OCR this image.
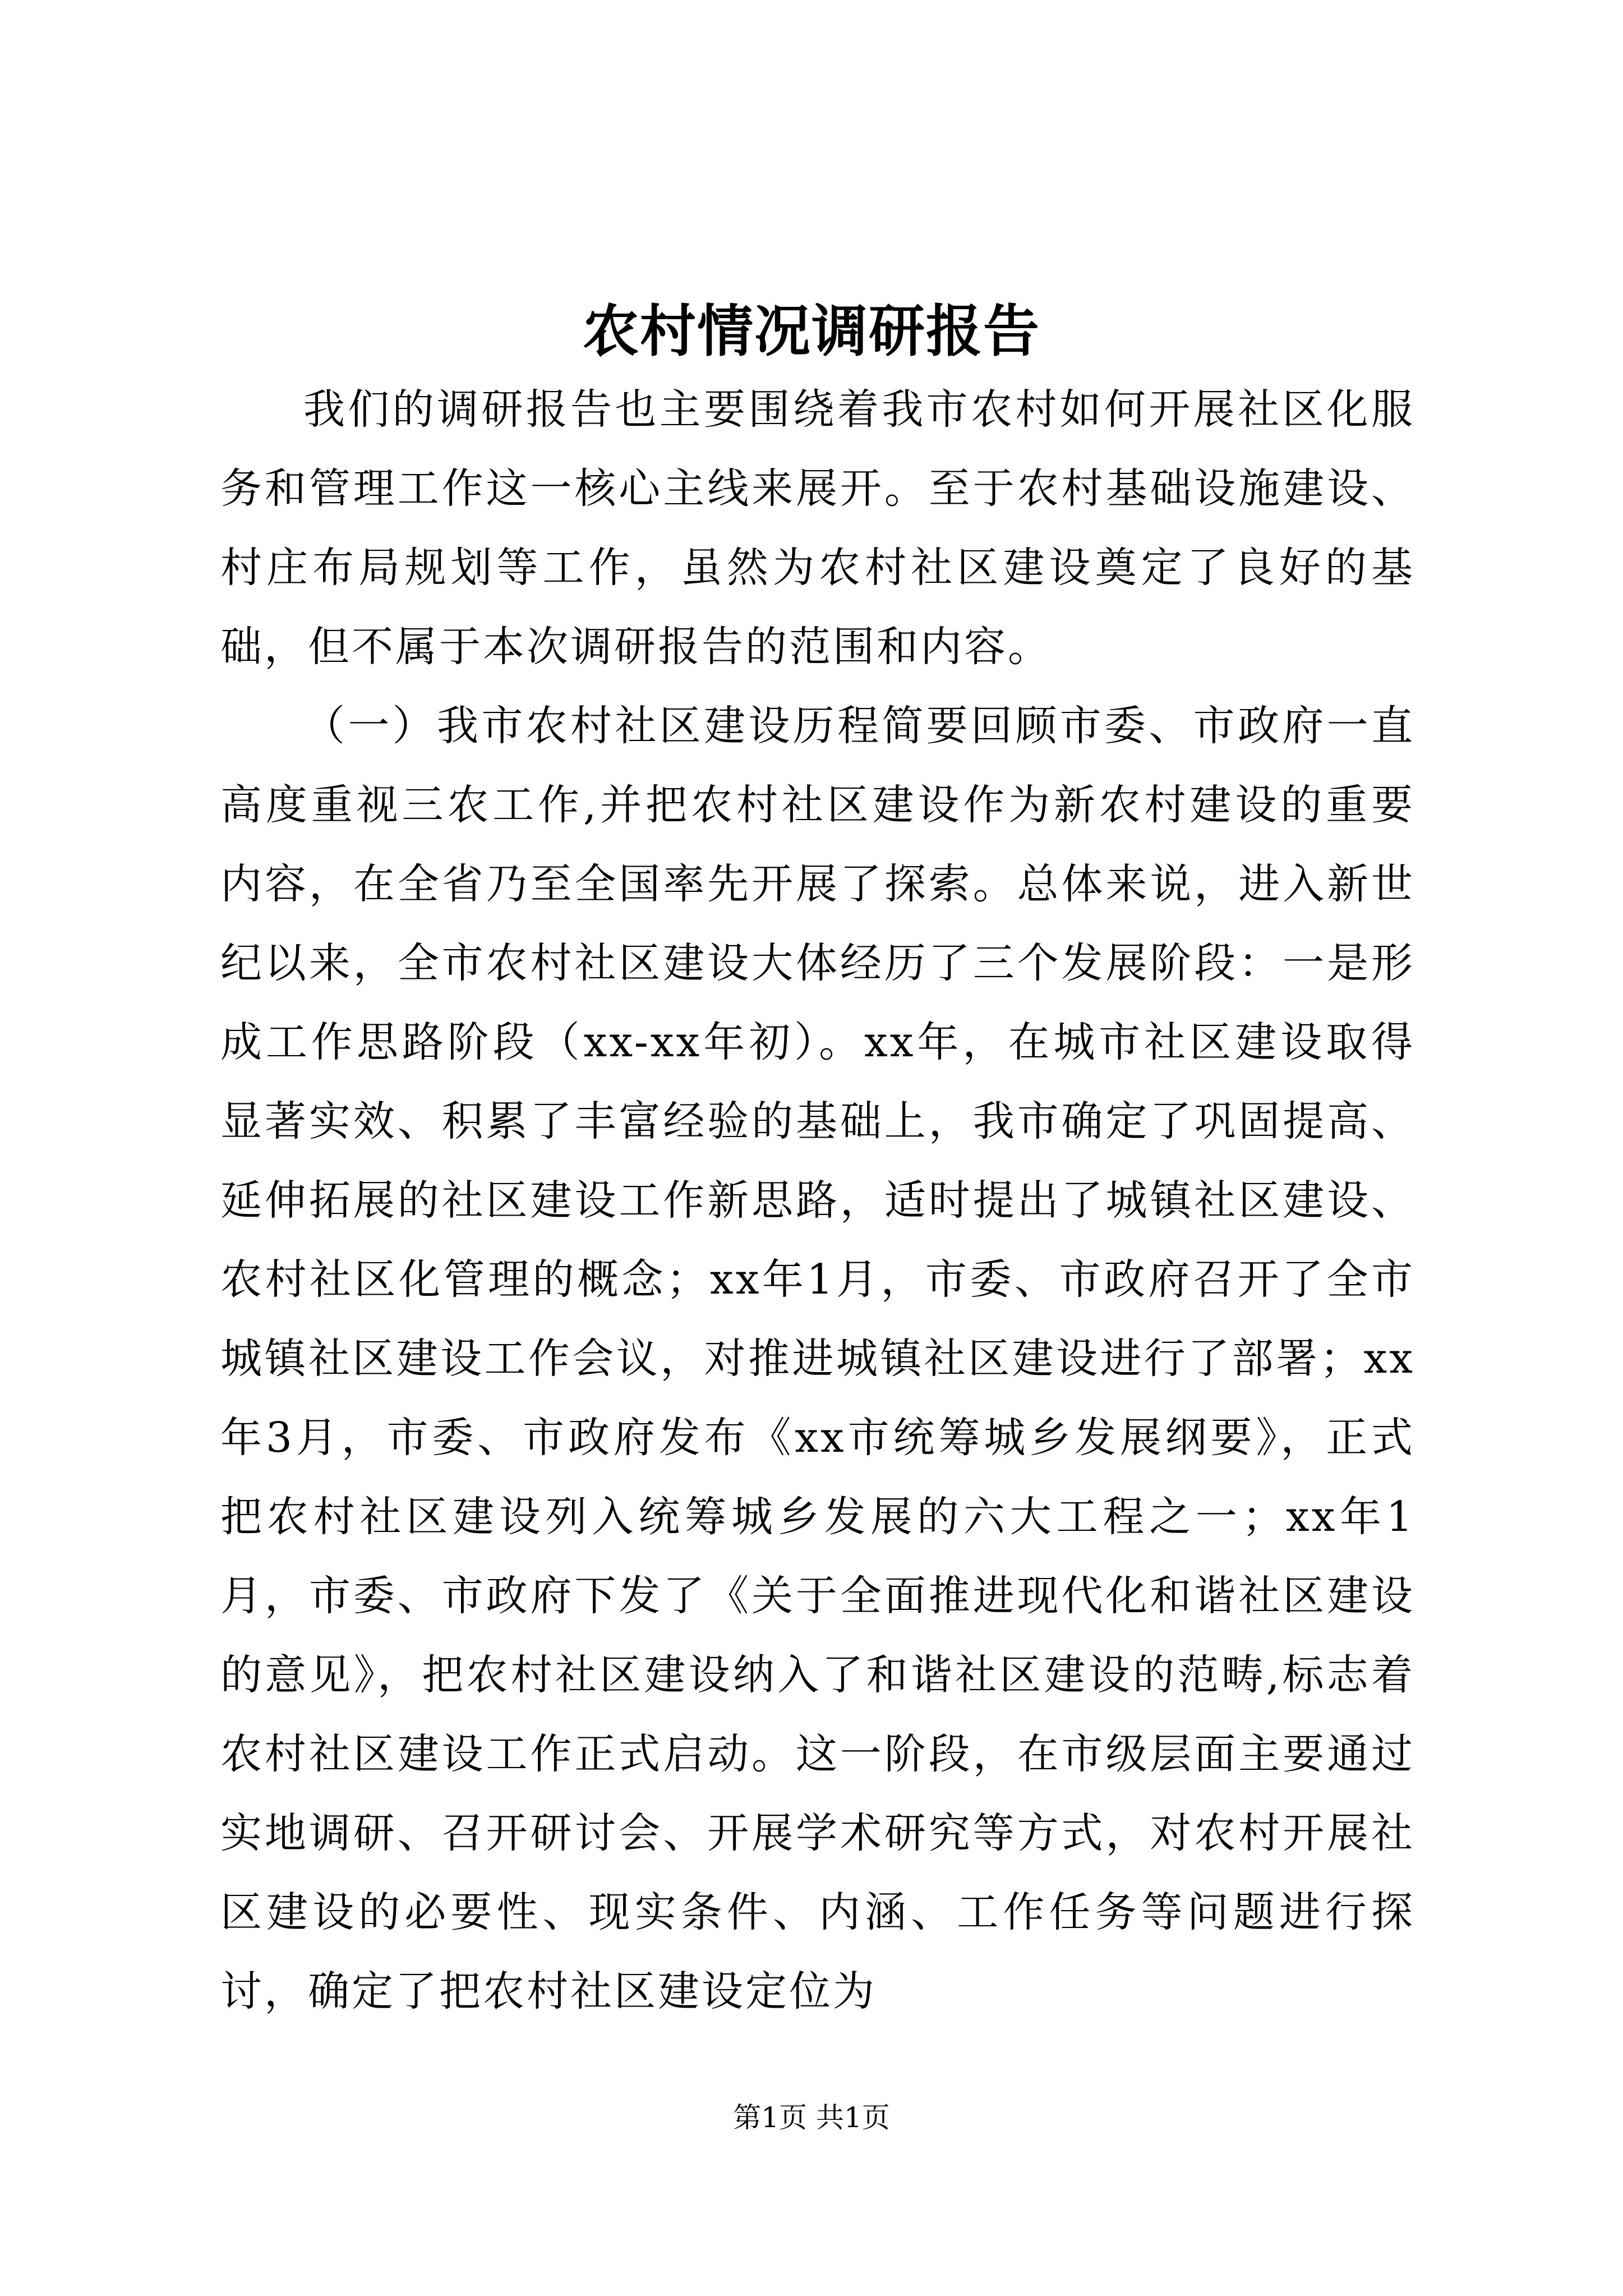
农村情况调研报告

我们的调研报告也主要围绕着我市农村如何开展社区化服务和管理工作这一核心主线来展开。至于农村基础设施建设、村庄布局规划等工作，虽然为农村社区建设奠定了良好的基础，但不属于本次调研报告的范围和内容。

（一）我市农村社区建设历程简要回顾市委、市政府一直高度重视三农工作,并把农村社区建设作为新农村建设的重要内容，在全省乃至全国率先开展了探索。总体来说，进入新世纪以来，全市农村社区建设大体经历了三个发展阶段：一是形成工作思路阶段（xx-xx年初）。xx年，在城市社区建设取得显著实效、积累了丰富经验的基础上，我市确定了巩固提高、延伸拓展的社区建设工作新思路，适时提出了城镇社区建设、农村社区化管理的概念；xx年1月，市委、市政府召开了全市城镇社区建设工作会议，对推进城镇社区建设进行了部署；xx年3月，市委、市政府发布《xx市统筹城乡发展纲要》，正式把农村社区建设列入统筹城乡发展的六大工程之一；xx年1月，市委、市政府下发了《关于全面推进现代化和谐社区建设的意见》，把农村社区建设纳入了和谐社区建设的范畴,标志着农村社区建设工作正式启动。这一阶段，在市级层面主要通过实地调研、召开研讨会、开展学术研究等方式，对农村开展社区建设的必要性、现实条件、内涵、工作任务等问题进行探讨，确定了把农村社区建设定位为

第1页 共1页
